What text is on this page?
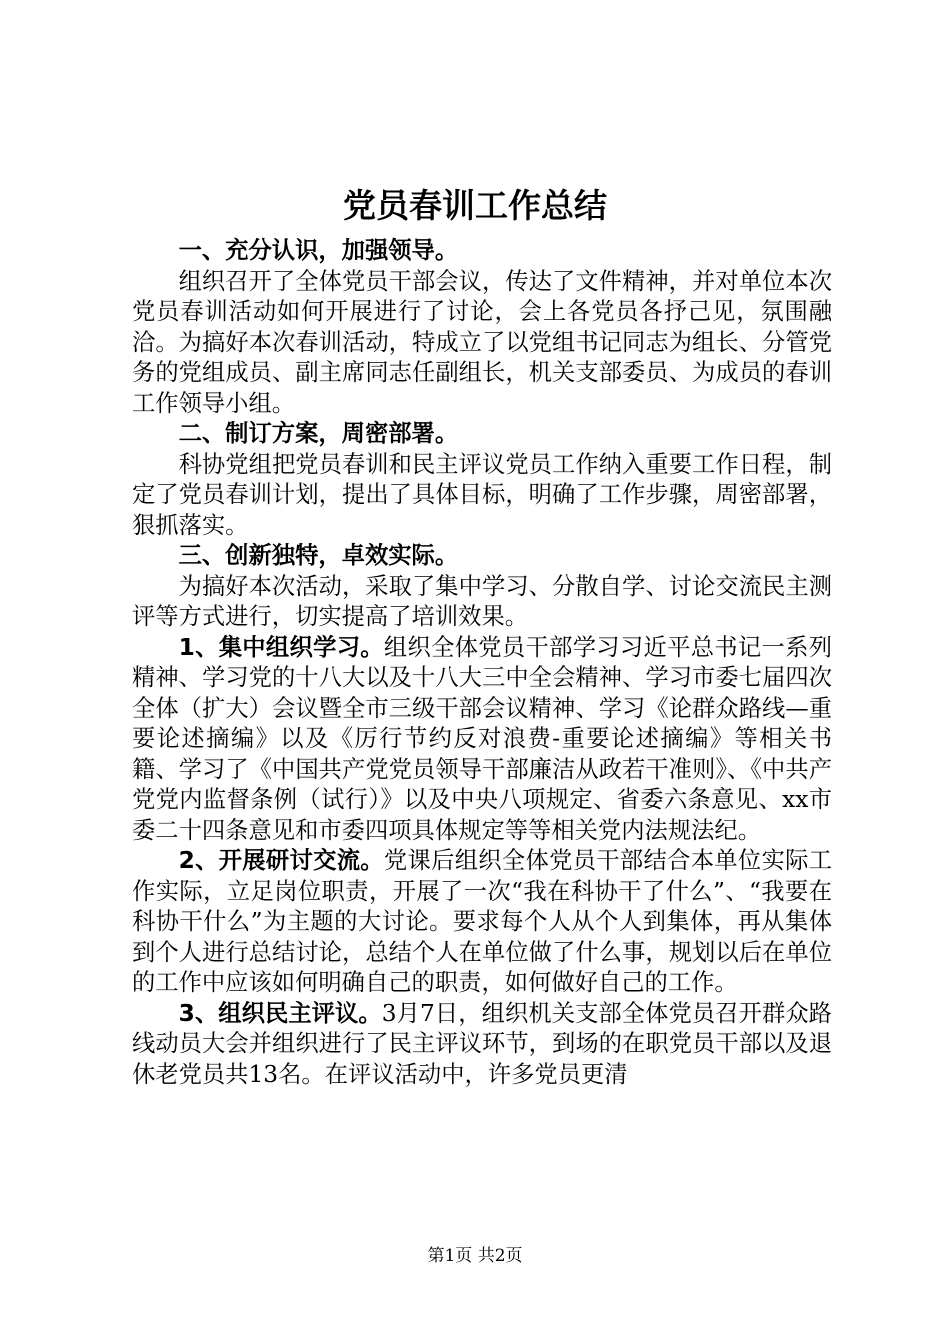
党员春训工作总结

一、充分认识，加强领导。

组织召开了全体党员干部会议，传达了文件精神，并对单位本次党员春训活动如何开展进行了讨论，会上各党员各抒己见，氛围融洽。为搞好本次春训活动，特成立了以党组书记同志为组长、分管党务的党组成员、副主席同志任副组长，机关支部委员、为成员的春训工作领导小组。

二、制订方案，周密部署。

科协党组把党员春训和民主评议党员工作纳入重要工作日程，制定了党员春训计划，提出了具体目标，明确了工作步骤，周密部署，狠抓落实。

三、创新独特，卓效实际。

为搞好本次活动，采取了集中学习、分散自学、讨论交流民主测评等方式进行，切实提高了培训效果。

1、集中组织学习。组织全体党员干部学习习近平总书记一系列精神、学习党的十八大以及十八大三中全会精神、学习市委七届四次全体（扩大）会议暨全市三级干部会议精神、学习《论群众路线—重要论述摘编》以及《厉行节约反对浪费-重要论述摘编》等相关书籍、学习了《中国共产党党员领导干部廉洁从政若干准则》、《中共产党党内监督条例（试行）》以及中央八项规定、省委六条意见、xx市委二十四条意见和市委四项具体规定等等相关党内法规法纪。

2、开展研讨交流。党课后组织全体党员干部结合本单位实际工作实际，立足岗位职责，开展了一次“我在科协干了什么”、“我要在科协干什么”为主题的大讨论。要求每个人从个人到集体，再从集体到个人进行总结讨论，总结个人在单位做了什么事，规划以后在单位的工作中应该如何明确自己的职责，如何做好自己的工作。

3、组织民主评议。3月7日，组织机关支部全体党员召开群众路线动员大会并组织进行了民主评议环节，到场的在职党员干部以及退休老党员共13名。在评议活动中，许多党员更清

第1页 共2页
